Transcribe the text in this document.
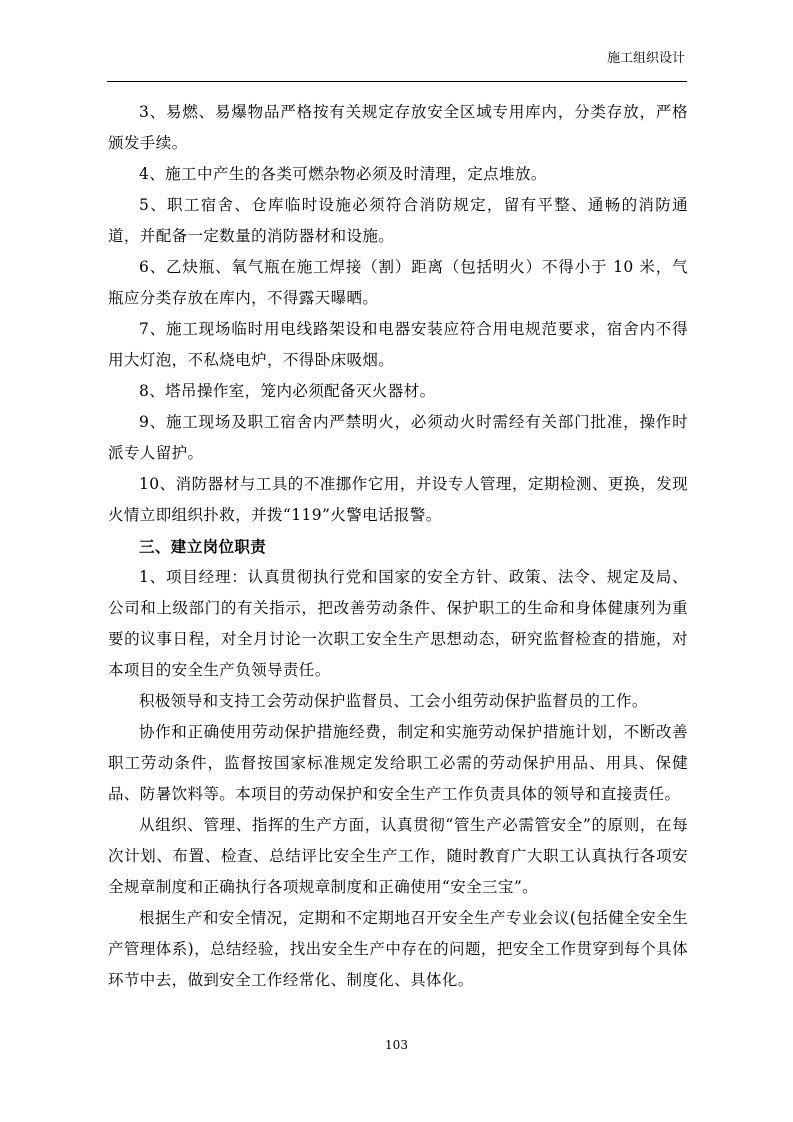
施工组织设计

3、易燃、易爆物品严格按有关规定存放安全区域专用库内，分类存放，严格颁发手续。

4、施工中产生的各类可燃杂物必须及时清理，定点堆放。

5、职工宿舍、仓库临时设施必须符合消防规定，留有平整、通畅的消防通道，并配备一定数量的消防器材和设施。

6、乙炔瓶、氧气瓶在施工焊接（割）距离（包括明火）不得小于 10 米，气瓶应分类存放在库内，不得露天曝晒。

7、施工现场临时用电线路架设和电器安装应符合用电规范要求，宿舍内不得用大灯泡，不私烧电炉，不得卧床吸烟。

8、塔吊操作室，笼内必须配备灭火器材。

9、施工现场及职工宿舍内严禁明火，必须动火时需经有关部门批准，操作时派专人留护。

10、消防器材与工具的不准挪作它用，并设专人管理，定期检测、更换，发现火情立即组织扑救，并拨“119”火警电话报警。

三、建立岗位职责

1、项目经理：认真贯彻执行党和国家的安全方针、政策、法令、规定及局、公司和上级部门的有关指示，把改善劳动条件、保护职工的生命和身体健康列为重要的议事日程，对全月讨论一次职工安全生产思想动态，研究监督检查的措施，对本项目的安全生产负领导责任。

积极领导和支持工会劳动保护监督员、工会小组劳动保护监督员的工作。

协作和正确使用劳动保护措施经费，制定和实施劳动保护措施计划，不断改善职工劳动条件，监督按国家标准规定发给职工必需的劳动保护用品、用具、保健品、防暑饮料等。本项目的劳动保护和安全生产工作负责具体的领导和直接责任。

从组织、管理、指挥的生产方面，认真贯彻“管生产必需管安全”的原则，在每次计划、布置、检查、总结评比安全生产工作，随时教育广大职工认真执行各项安全规章制度和正确执行各项规章制度和正确使用“安全三宝”。

根据生产和安全情况，定期和不定期地召开安全生产专业会议(包括健全安全生产管理体系)，总结经验，找出安全生产中存在的问题，把安全工作贯穿到每个具体环节中去，做到安全工作经常化、制度化、具体化。

103
